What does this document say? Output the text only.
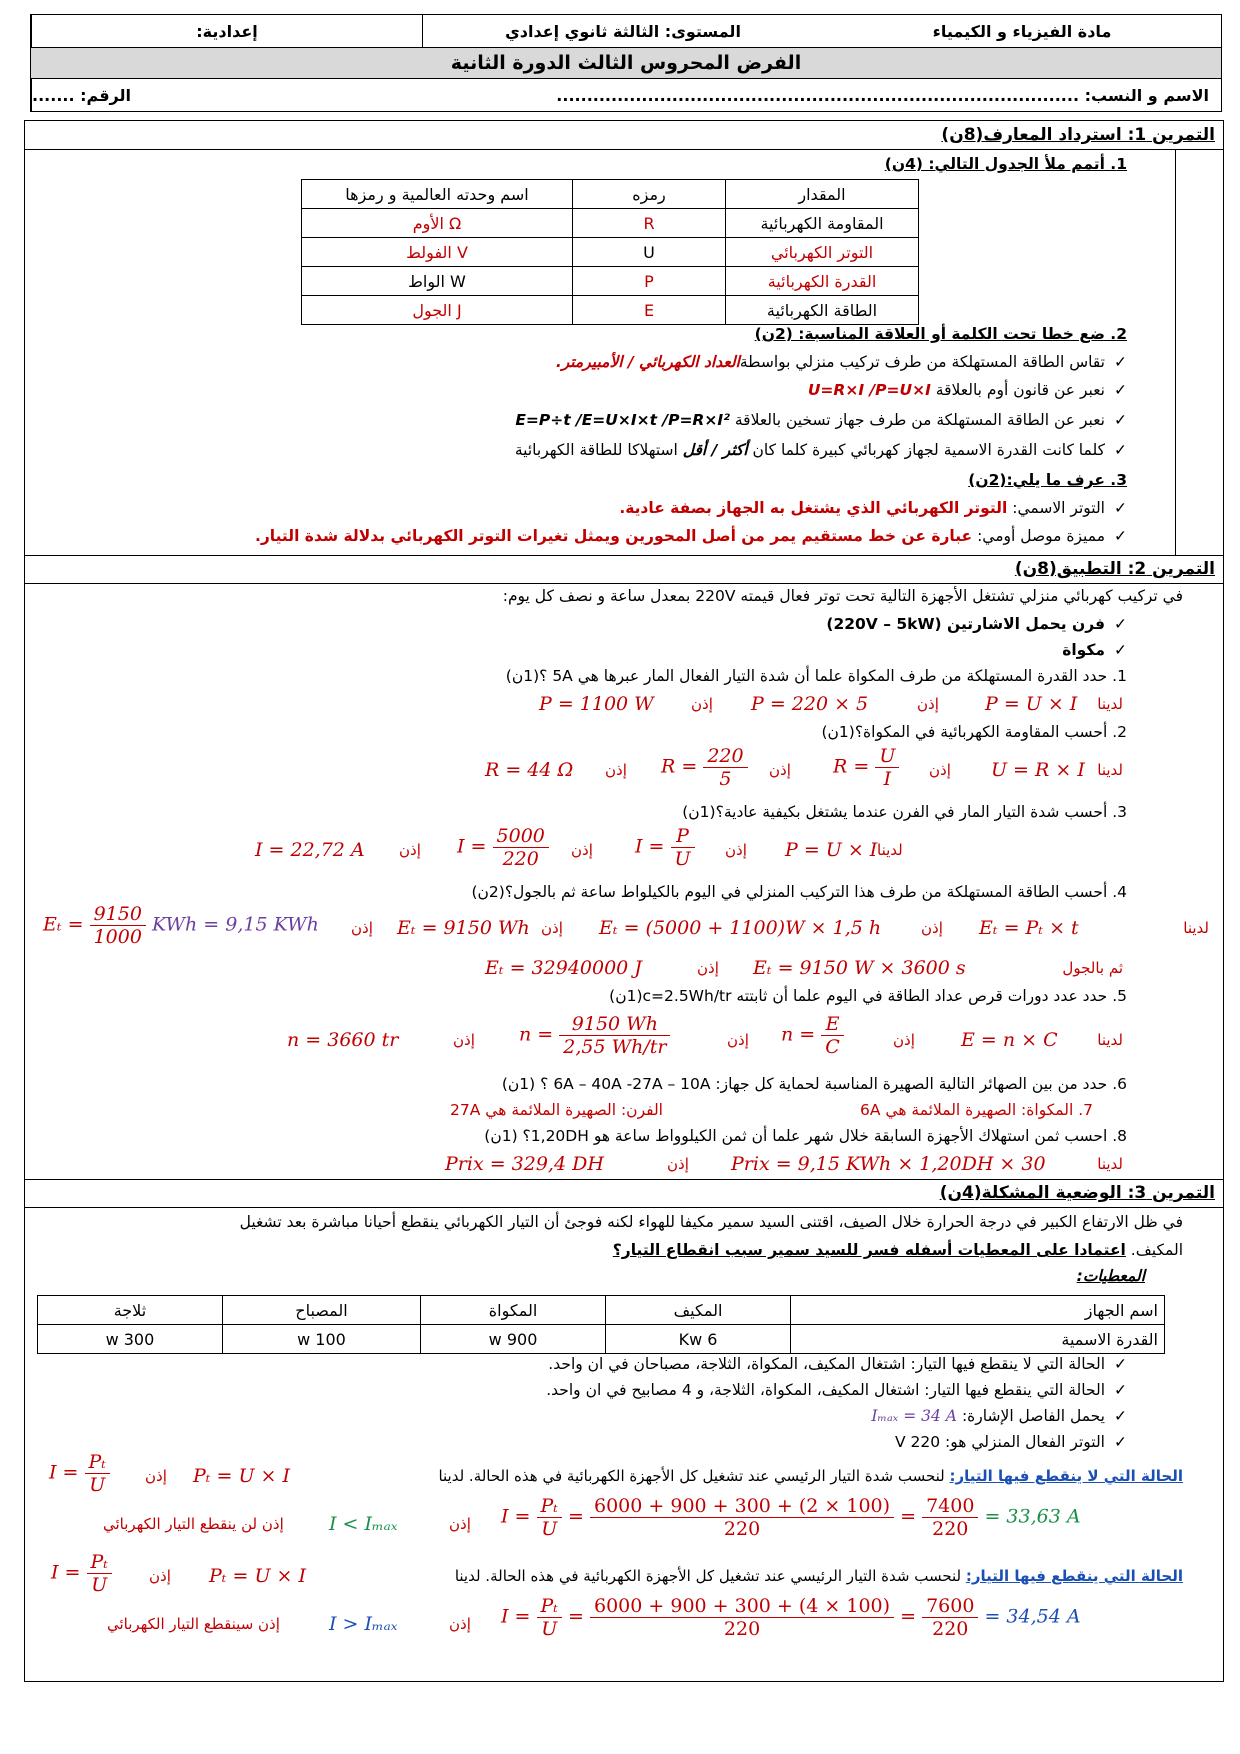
إعدادية:	المستوى: الثالثة ثانوي إعدادي	مادة الفيزياء و الكيمياء
الفرض المحروس الثالث الدورة الثانية
الرقم: .......	الاسم و النسب: ......................................................................................
التمرين 1: استرداد المعارف(8ن)
1. أتمم ملأ الجدول التالي: (4ن)
اسم وحدته العالمية و رمزها	رمزه	المقدار
Ω الأوم	R	المقاومة الكهربائية
V الفولط	U	التوتر الكهربائي
W الواط	P	القدرة الكهربائية
J الجول	E	الطاقة الكهربائية
2. ضع خطا تحت الكلمة أو العلاقة المناسبة: (2ن)
✓تقاس الطاقة المستهلكة من طرف تركيب منزلي بواسطةالعداد الكهربائي / الأمبيرمتر.
✓نعبر عن قانون أوم بالعلاقة U=R×I /P=U×I
✓نعبر عن الطاقة المستهلكة من طرف جهاز تسخين بالعلاقة E=P÷t /E=U×I×t /P=R×I²
✓كلما كانت القدرة الاسمية لجهاز كهربائي كبيرة كلما كان أكثر / أقل استهلاكا للطاقة الكهربائية
3. عرف ما يلي:(2ن)
✓التوتر الاسمي: التوتر الكهربائي الذي يشتغل به الجهاز بصفة عادية.
✓مميزة موصل أومي: عبارة عن خط مستقيم يمر من أصل المحورين ويمثل تغيرات التوتر الكهربائي بدلالة شدة التيار.
التمرين 2: التطبيق(8ن)
في تركيب كهربائي منزلي تشتغل الأجهزة التالية تحت توتر فعال قيمته 220V بمعدل ساعة و نصف كل يوم:
✓فرن يحمل الاشارتين (220V – 5kW)
✓مكواة
1. حدد القدرة المستهلكة من طرف المكواة علما أن شدة التيار الفعال المار عبرها هي 5A ؟(1ن)
لدينا
P = U × I
إذن
P = 220 × 5
إذن
P = 1100 W
2. أحسب المقاومة الكهربائية في المكواة؟(1ن)
لدينا
U = R × I
إذن
$R = \frac{U}{I}$
إذن
$R = \frac{220}{5}$
إذن
R = 44 Ω
3. أحسب شدة التيار المار في الفرن عندما يشتغل بكيفية عادية؟(1ن)
لدينا
P = U × I
إذن
$I = \frac{P}{U}$
إذن
$I = \frac{5000}{220}$
إذن
I = 22,72 A
4. أحسب الطاقة المستهلكة من طرف هذا التركيب المنزلي في اليوم بالكيلواط ساعة ثم بالجول؟(2ن)
لدينا
Eₜ = Pₜ × t
إذن
Eₜ = (5000 + 1100)W × 1,5 h
إذن
Eₜ = 9150 Wh
إذن
$E_t = \frac{9150}{1000}$ KWh = 9,15 KWh
ثم بالجول
Eₜ = 9150 W × 3600 s
إذن
Eₜ = 32940000 J
5. حدد عدد دورات قرص عداد الطاقة في اليوم علما أن ثابتته c=2.5Wh/tr(1ن)
لدينا
E = n × C
إذن
$n = \frac{E}{C}$
إذن
$n = \frac{9150 Wh}{2,55 Wh/tr}$
إذن
n = 3660 tr
6. حدد من بين الصهائر التالية الصهيرة المناسبة لحماية كل جهاز: 6A – 40A -27A – 10A ؟ (1ن)
7. المكواة: الصهيرة الملائمة هي 6A
الفرن: الصهيرة الملائمة هي 27A
8. احسب ثمن استهلاك الأجهزة السابقة خلال شهر علما أن ثمن الكيلوواط ساعة هو 1,20DH؟ (1ن)
لدينا
Prix = 9,15 KWh × 1,20DH × 30
إذن
Prix = 329,4 DH
التمرين 3: الوضعية المشكلة(4ن)
في ظل الارتفاع الكبير في درجة الحرارة خلال الصيف، اقتنى السيد سمير مكيفا للهواء لكنه فوجئ أن التيار الكهربائي ينقطع أحيانا مباشرة بعد تشغيل
المكيف. اعتمادا على المعطيات أسفله فسر للسيد سمير سبب انقطاع التيار؟
المعطيات:
ثلاجة	المصباح	المكواة	المكيف	اسم الجهاز
300 w	100 w	900 w	6 Kw	القدرة الاسمية
✓الحالة التي لا ينقطع فيها التيار: اشتغال المكيف، المكواة، الثلاجة، مصباحان في ان واحد.
✓الحالة التي ينقطع فيها التيار: اشتغال المكيف، المكواة، الثلاجة، و 4 مصابيح في ان واحد.
✓يحمل الفاصل الإشارة: Iₘₐₓ = 34 A
✓التوتر الفعال المنزلي هو: 220 V
الحالة التي لا ينقطع فيها التيار: لنحسب شدة التيار الرئيسي عند تشغيل كل الأجهزة الكهربائية في هذه الحالة. لدينا
Pₜ = U × I
إذن
$I = \frac{\text{Pₜ}}{U}$
$I = \frac{\text{Pₜ}}{U} = \frac{6000 + 900 + 300 + (2 \times 100)}{220} = \frac{7400}{220} = 33,63$ A
إذن
I < Iₘₐₓ
إذن لن ينقطع التيار الكهربائي
الحالة التي ينقطع فيها التيار: لنحسب شدة التيار الرئيسي عند تشغيل كل الأجهزة الكهربائية في هذه الحالة. لدينا
Pₜ = U × I
إذن
$I = \frac{\text{Pₜ}}{U}$
$I = \frac{\text{Pₜ}}{U} = \frac{6000 + 900 + 300 + (4 \times 100)}{220} = \frac{7600}{220} = 34,54$ A
إذن
I > Iₘₐₓ
إذن سينقطع التيار الكهربائي
